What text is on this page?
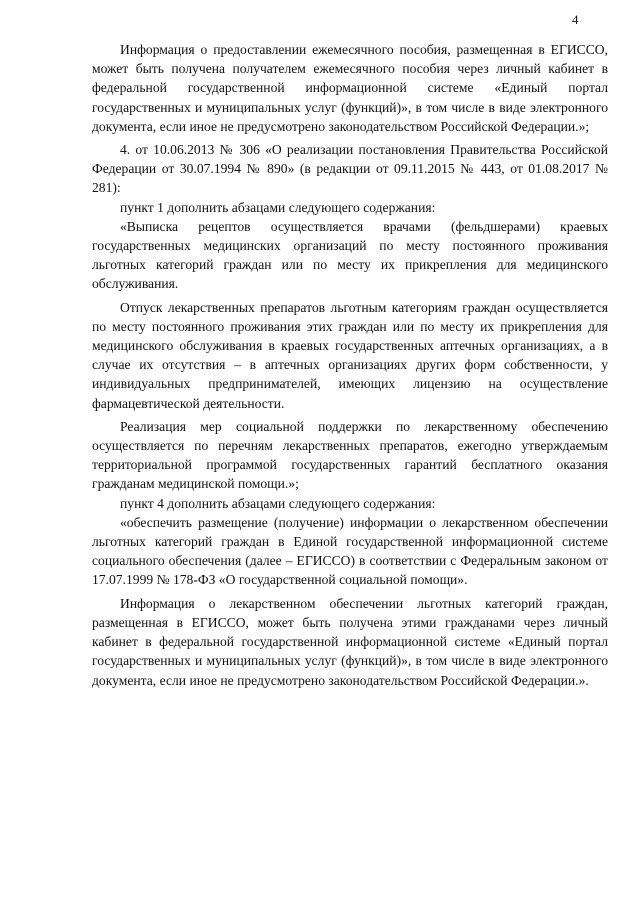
4

Информация о предоставлении ежемесячного пособия, размещенная в ЕГИССО, может быть получена получателем ежемесячного пособия через личный кабинет в федеральной государственной информационной системе «Единый портал государственных и муниципальных услуг (функций)», в том числе в виде электронного документа, если иное не предусмотрено законодательством Российской Федерации.»;

4. от 10.06.2013 № 306 «О реализации постановления Правительства Российской Федерации от 30.07.1994 № 890» (в редакции от 09.11.2015 № 443, от 01.08.2017 № 281):

пункт 1 дополнить абзацами следующего содержания:

«Выписка рецептов осуществляется врачами (фельдшерами) краевых государственных медицинских организаций по месту постоянного проживания льготных категорий граждан или по месту их прикрепления для медицинского обслуживания.

Отпуск лекарственных препаратов льготным категориям граждан осуществляется по месту постоянного проживания этих граждан или по месту их прикрепления для медицинского обслуживания в краевых государственных аптечных организациях, а в случае их отсутствия – в аптечных организациях других форм собственности, у индивидуальных предпринимателей, имеющих лицензию на осуществление фармацевтической деятельности.

Реализация мер социальной поддержки по лекарственному обеспечению осуществляется по перечням лекарственных препаратов, ежегодно утверждаемым территориальной программой государственных гарантий бесплатного оказания гражданам медицинской помощи.»;

пункт 4 дополнить абзацами следующего содержания:

«обеспечить размещение (получение) информации о лекарственном обеспечении льготных категорий граждан в Единой государственной информационной системе социального обеспечения (далее – ЕГИССО) в соответствии с Федеральным законом от 17.07.1999 № 178-ФЗ «О государственной социальной помощи».

Информация о лекарственном обеспечении льготных категорий граждан, размещенная в ЕГИССО, может быть получена этими гражданами через личный кабинет в федеральной государственной информационной системе «Единый портал государственных и муниципальных услуг (функций)», в том числе в виде электронного документа, если иное не предусмотрено законодательством Российской Федерации.».
